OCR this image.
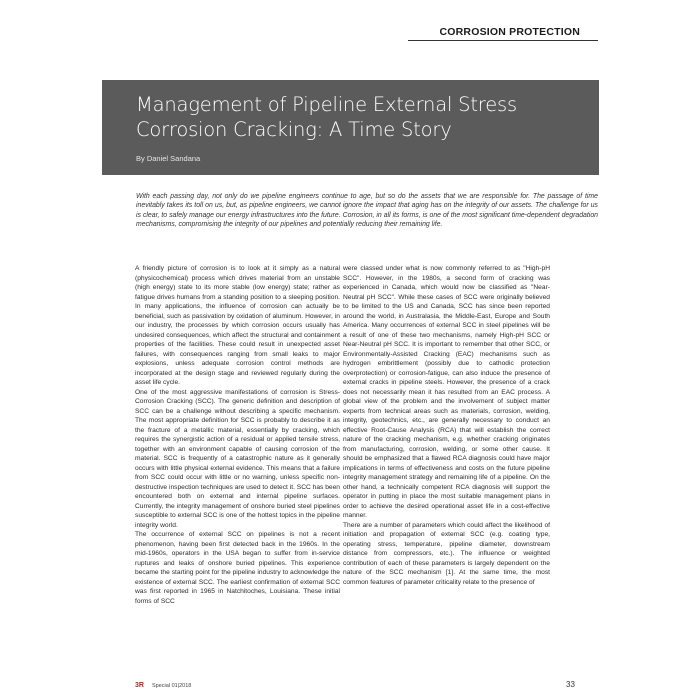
CORROSION PROTECTION
Management of Pipeline External Stress Corrosion Cracking: A Time Story
By Daniel Sandana
With each passing day, not only do we pipeline engineers continue to age, but so do the assets that we are responsible for. The passage of time inevitably takes its toll on us, but, as pipeline engineers, we cannot ignore the impact that aging has on the integrity of our assets. The challenge for us is clear, to safely manage our energy infrastructures into the future. Corrosion, in all its forms, is one of the most significant time-dependent degradation mechanisms, compromising the integrity of our pipelines and potentially reducing their remaining life.

A friendly picture of corrosion is to look at it simply as a natural (physicochemical) process which drives material from an unstable (high energy) state to its more stable (low energy) state; rather as fatigue drives humans from a standing position to a sleeping position. In many applications, the influence of corrosion can actually be beneficial, such as passivation by oxidation of aluminum. However, in our industry, the processes by which corrosion occurs usually has undesired consequences, which affect the structural and containment properties of the facilities. These could result in unexpected asset failures, with consequences ranging from small leaks to major explosions, unless adequate corrosion control methods are incorporated at the design stage and reviewed regularly during the asset life cycle.

One of the most aggressive manifestations of corrosion is Stress-Corrosion Cracking (SCC). The generic definition and description of SCC can be a challenge without describing a specific mechanism. The most appropriate definition for SCC is probably to describe it as the fracture of a metallic material, essentially by cracking, which requires the synergistic action of a residual or applied tensile stress, together with an environment capable of causing corrosion of the material. SCC is frequently of a catastrophic nature as it generally occurs with little physical external evidence. This means that a failure from SCC could occur with little or no warning, unless specific non-destructive inspection techniques are used to detect it. SCC has been encountered both on external and internal pipeline surfaces. Currently, the integrity management of onshore buried steel pipelines susceptible to external SCC is one of the hottest topics in the pipeline integrity world.

The occurrence of external SCC on pipelines is not a recent phenomenon, having been first detected back in the 1960s. In the mid-1960s, operators in the USA began to suffer from in-service ruptures and leaks of onshore buried pipelines. This experience became the starting point for the pipeline industry to acknowledge the existence of external SCC. The earliest confirmation of external SCC was first reported in 1965 in Natchitoches, Louisiana. These initial forms of SCC

were classed under what is now commonly referred to as "High-pH SCC". However, in the 1980s, a second form of cracking was experienced in Canada, which would now be classified as "Near-Neutral pH SCC". While these cases of SCC were originally believed to be limited to the US and Canada, SCC has since been reported around the world, in Australasia, the Middle-East, Europe and South America. Many occurrences of external SCC in steel pipelines will be a result of one of these two mechanisms, namely High-pH SCC or Near-Neutral pH SCC. It is important to remember that other SCC, or Environmentally-Assisted Cracking (EAC) mechanisms such as hydrogen embrittlement (possibly due to cathodic protection overprotection) or corrosion-fatigue, can also induce the presence of external cracks in pipeline steels. However, the presence of a crack does not necessarily mean it has resulted from an EAC process. A global view of the problem and the involvement of subject matter experts from technical areas such as materials, corrosion, welding, integrity, geotechnics, etc., are generally necessary to conduct an effective Root-Cause Analysis (RCA) that will establish the correct nature of the cracking mechanism, e.g. whether cracking originates from manufacturing, corrosion, welding, or some other cause. It should be emphasized that a flawed RCA diagnosis could have major implications in terms of effectiveness and costs on the future pipeline integrity management strategy and remaining life of a pipeline. On the other hand, a technically competent RCA diagnosis will support the operator in putting in place the most suitable management plans in order to achieve the desired operational asset life in a cost-effective manner.

There are a number of parameters which could affect the likelihood of initiation and propagation of external SCC (e.g. coating type, operating stress, temperature, pipeline diameter, downstream distance from compressors, etc.). The influence or weighted contribution of each of these parameters is largely dependent on the nature of the SCC mechanism [1]. At the same time, the most common features of parameter criticality relate to the presence of

3R Special 01|2018	33
